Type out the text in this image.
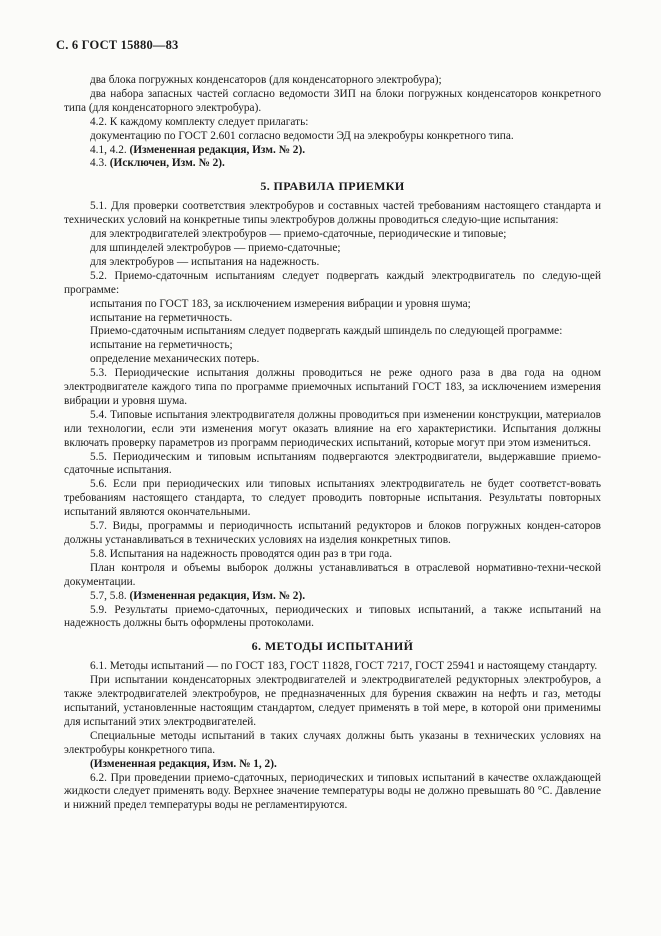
С. 6 ГОСТ 15880—83

два блока погружных конденсаторов (для конденсаторного электробура);

два набора запасных частей согласно ведомости ЗИП на блоки погружных конденсаторов конкретного типа (для конденсаторного электробура).

4.2. К каждому комплекту следует прилагать:

документацию по ГОСТ 2.601 согласно ведомости ЭД на элекробуры конкретного типа.

4.1, 4.2. (Измененная редакция, Изм. № 2).

4.3. (Исключен, Изм. № 2).

5. ПРАВИЛА ПРИЕМКИ

5.1. Для проверки соответствия электробуров и составных частей требованиям настоящего стандарта и технических условий на конкретные типы электробуров должны проводиться следую-щие испытания:

для электродвигателей электробуров — приемо-сдаточные, периодические и типовые;

для шпинделей электробуров — приемо-сдаточные;

для электробуров — испытания на надежность.

5.2. Приемо-сдаточным испытаниям следует подвергать каждый электродвигатель по следую-щей программе:

испытания по ГОСТ 183, за исключением измерения вибрации и уровня шума;

испытание на герметичность.

Приемо-сдаточным испытаниям следует подвергать каждый шпиндель по следующей программе:

испытание на герметичность;

определение механических потерь.

5.3. Периодические испытания должны проводиться не реже одного раза в два года на одном электродвигателе каждого типа по программе приемочных испытаний ГОСТ 183, за исключением измерения вибрации и уровня шума.

5.4. Типовые испытания электродвигателя должны проводиться при изменении конструкции, материалов или технологии, если эти изменения могут оказать влияние на его характеристики. Испытания должны включать проверку параметров из программ периодических испытаний, которые могут при этом измениться.

5.5. Периодическим и типовым испытаниям подвергаются электродвигатели, выдержавшие приемо-сдаточные испытания.

5.6. Если при периодических или типовых испытаниях электродвигатель не будет соответст-вовать требованиям настоящего стандарта, то следует проводить повторные испытания. Результаты повторных испытаний являются окончательными.

5.7. Виды, программы и периодичность испытаний редукторов и блоков погружных конден-саторов должны устанавливаться в технических условиях на изделия конкретных типов.

5.8. Испытания на надежность проводятся один раз в три года.

План контроля и объемы выборок должны устанавливаться в отраслевой нормативно-техни-ческой документации.

5.7, 5.8. (Измененная редакция, Изм. № 2).

5.9. Результаты приемо-сдаточных, периодических и типовых испытаний, а также испытаний на надежность должны быть оформлены протоколами.

6. МЕТОДЫ ИСПЫТАНИЙ

6.1. Методы испытаний — по ГОСТ 183, ГОСТ 11828, ГОСТ 7217, ГОСТ 25941 и настоящему стандарту.

При испытании конденсаторных электродвигателей и электродвигателей редукторных электробуров, а также электродвигателей электробуров, не предназначенных для бурения скважин на нефть и газ, методы испытаний, установленные настоящим стандартом, следует применять в той мере, в которой они применимы для испытаний этих электродвигателей.

Специальные методы испытаний в таких случаях должны быть указаны в технических условиях на электробуры конкретного типа.

(Измененная редакция, Изм. № 1, 2).

6.2. При проведении приемо-сдаточных, периодических и типовых испытаний в качестве охлаждающей жидкости следует применять воду. Верхнее значение температуры воды не должно превышать 80 °С. Давление и нижний предел температуры воды не регламентируются.
